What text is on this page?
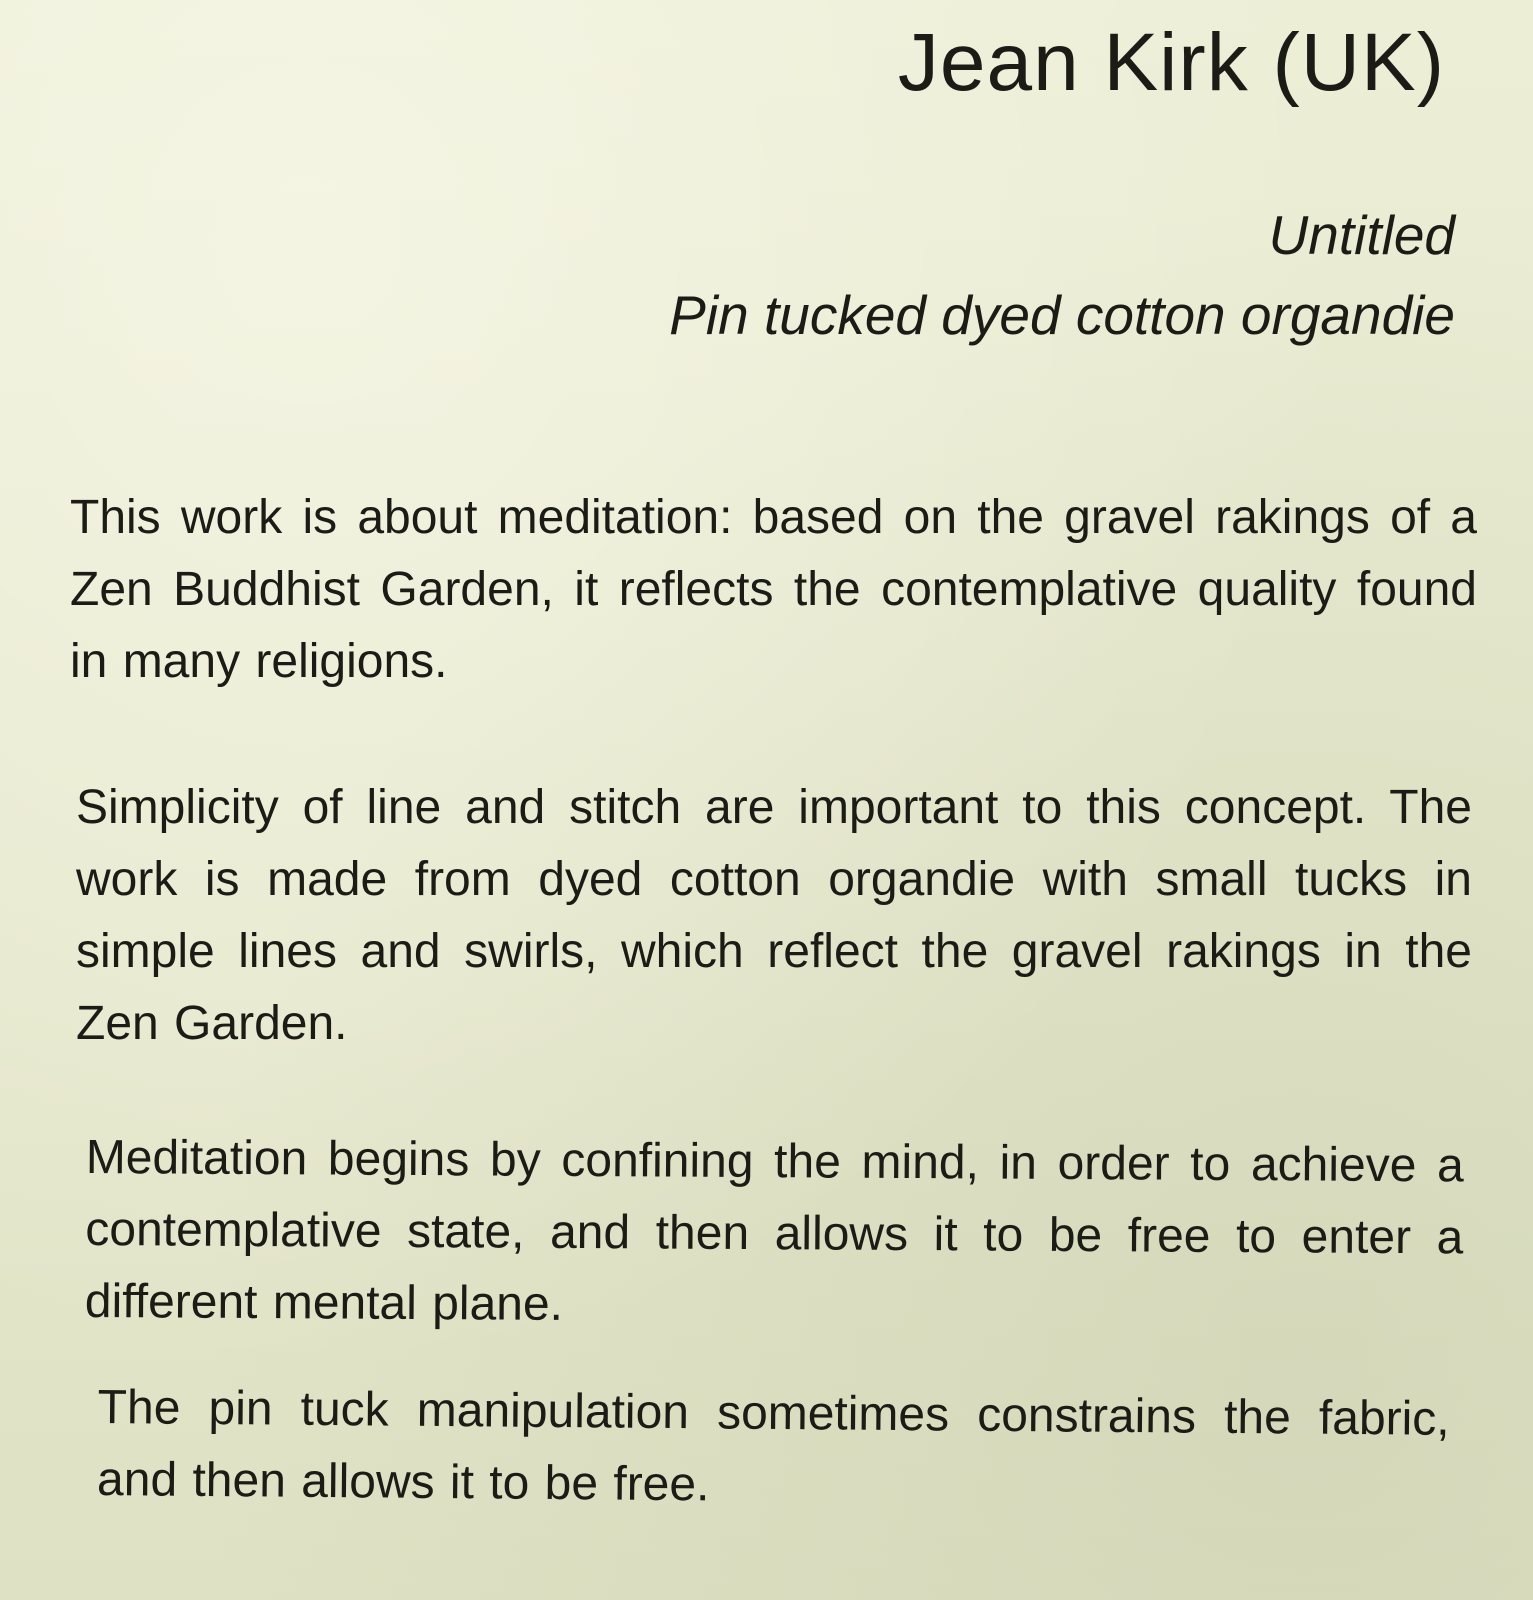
Jean Kirk (UK)

Untitled

Pin tucked dyed cotton organdie

This work is about meditation: based on the gravel rakings of a Zen Buddhist Garden, it reflects the contemplative quality found in many religions.

Simplicity of line and stitch are important to this concept. The work is made from dyed cotton organdie with small tucks in simple lines and swirls, which reflect the gravel rakings in the Zen Garden.

Meditation begins by confining the mind, in order to achieve a contemplative state, and then allows it to be free to enter a different mental plane.

The pin tuck manipulation sometimes constrains the fabric, and then allows it to be free.
